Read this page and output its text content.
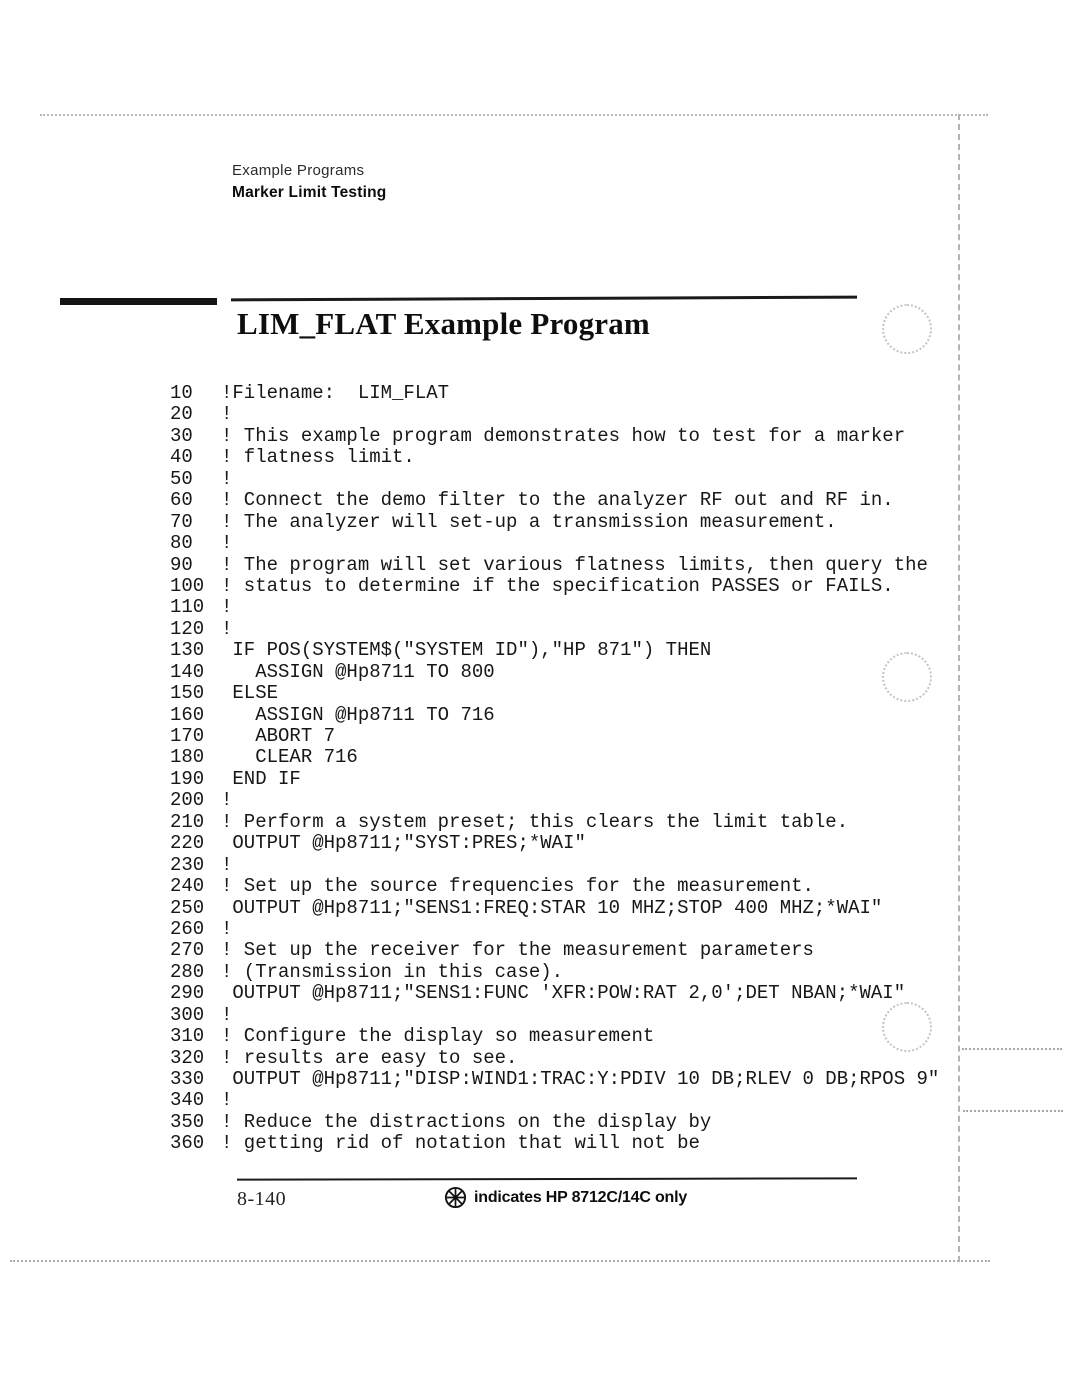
Example Programs
Marker Limit Testing
LIM_FLAT Example Program
10	!Filename:  LIM_FLAT
20	!
30	! This example program demonstrates how to test for a marker
40	! flatness limit.
50	!
60	! Connect the demo filter to the analyzer RF out and RF in.
70	! The analyzer will set-up a transmission measurement.
80	!
90	! The program will set various flatness limits, then query the
100 ! status to determine if the specification PASSES or FAILS.
110 !
120 !
130 IF POS(SYSTEM$("SYSTEM ID"),"HP 871") THEN
140 ASSIGN @Hp8711 TO 800
150 ELSE
160 ASSIGN @Hp8711 TO 716
170 ABORT 7
180 CLEAR 716
190 END IF
200 !
210 ! Perform a system preset; this clears the limit table.
220 OUTPUT @Hp8711;"SYST:PRES;*WAI"
230 !
240 ! Set up the source frequencies for the measurement.
250 OUTPUT @Hp8711;"SENS1:FREQ:STAR 10 MHZ;STOP 400 MHZ;*WAI"
260 !
270 ! Set up the receiver for the measurement parameters
280 ! (Transmission in this case).
290 OUTPUT @Hp8711;"SENS1:FUNC 'XFR:POW:RAT 2,0';DET NBAN;*WAI"
300 !
310 ! Configure the display so measurement
320 ! results are easy to see.
330 OUTPUT @Hp8711;"DISP:WIND1:TRAC:Y:PDIV 10 DB;RLEV 0 DB;RPOS 9"
340 !
350 ! Reduce the distractions on the display by
360 ! getting rid of notation that will not be
8-140	indicates HP 8712C/14C only
